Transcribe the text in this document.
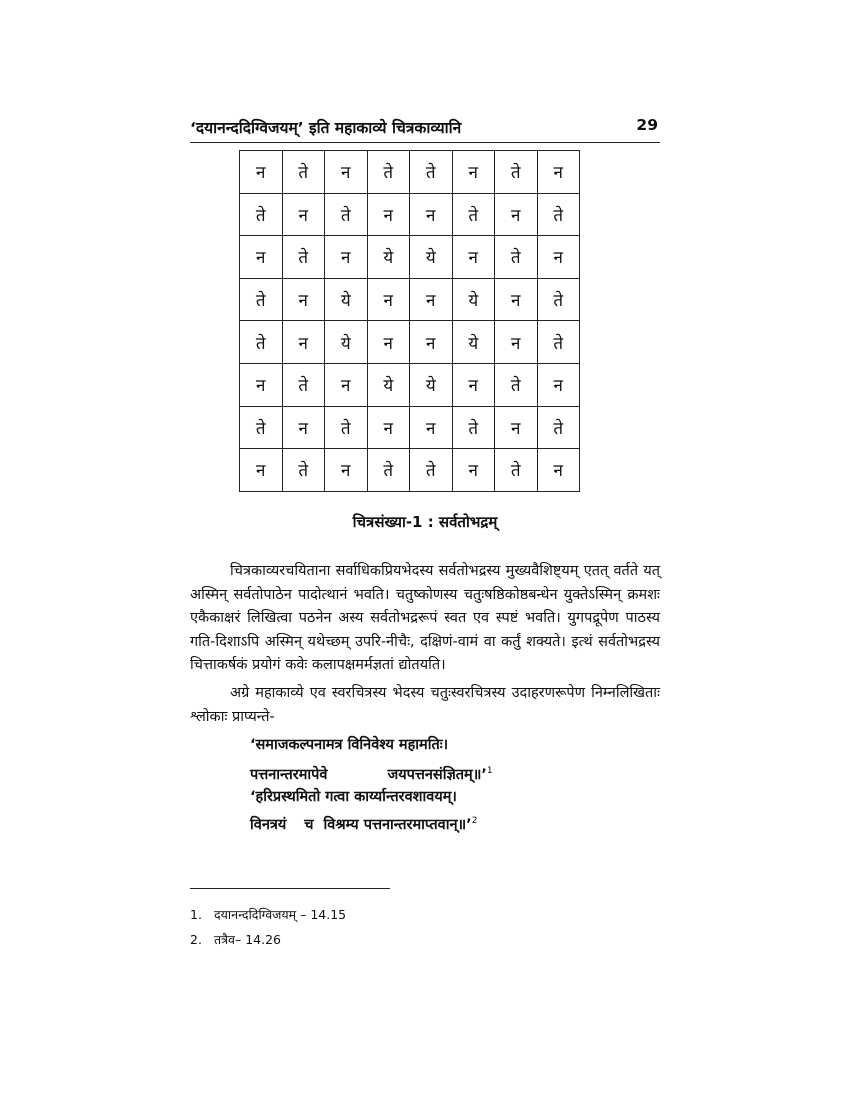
‘दयानन्ददिग्विजयम्’ इति महाकाव्ये चित्रकाव्यानि	29
न	ते	न	ते	ते	न	ते	न
ते	न	ते	न	न	ते	न	ते
न	ते	न	ये	ये	न	ते	न
ते	न	ये	न	न	ये	न	ते
ते	न	ये	न	न	ये	न	ते
न	ते	न	ये	ये	न	ते	न
ते	न	ते	न	न	ते	न	ते
न	ते	न	ते	ते	न	ते	न
चित्रसंख्या-1 : सर्वतोभद्रम्

चित्रकाव्यरचयिताना सर्वाधिकप्रियभेदस्य सर्वतोभद्रस्य मुख्यवैशिष्ट्यम् एतत् वर्तते यत् अस्मिन् सर्वतोपाठेन पादोत्थानं भवति। चतुष्कोणस्य चतुःषष्ठिकोष्ठबन्धेन युक्तेऽस्मिन् क्रमशः एकैकाक्षरं लिखित्वा पठनेन अस्य सर्वतोभद्ररूपं स्वत एव स्पष्टं भवति। युगपद्रूपेण पाठस्य गति-दिशाऽपि अस्मिन् यथेच्छम् उपरि-नीचैः, दक्षिणं-वामं वा कर्तुं शक्यते। इत्थं सर्वतोभद्रस्य चित्ताकर्षकं प्रयोगं कवेः कलापक्षमर्मज्ञतां द्योतयति।

अग्रे महाकाव्ये एव स्वरचित्रस्य भेदस्य चतुःस्वरचित्रस्य उदाहरणरूपेण निम्नलिखिताः श्लोकाः प्राप्यन्ते-

‘समाजकल्पनामत्र विनिवेश्य महामतिः।
पत्तनान्तरमापेवे	जयपत्तनसंज्ञितम्॥’$^1$
‘हरिप्रस्थमितो गत्वा कार्य्यान्तरवशावयम्।
विनत्रयं च विश्रम्य पत्तनान्तरमाप्तवान्॥’$^2$
1. दयानन्ददिग्विजयम् – 14.15
2. तत्रैव– 14.26
